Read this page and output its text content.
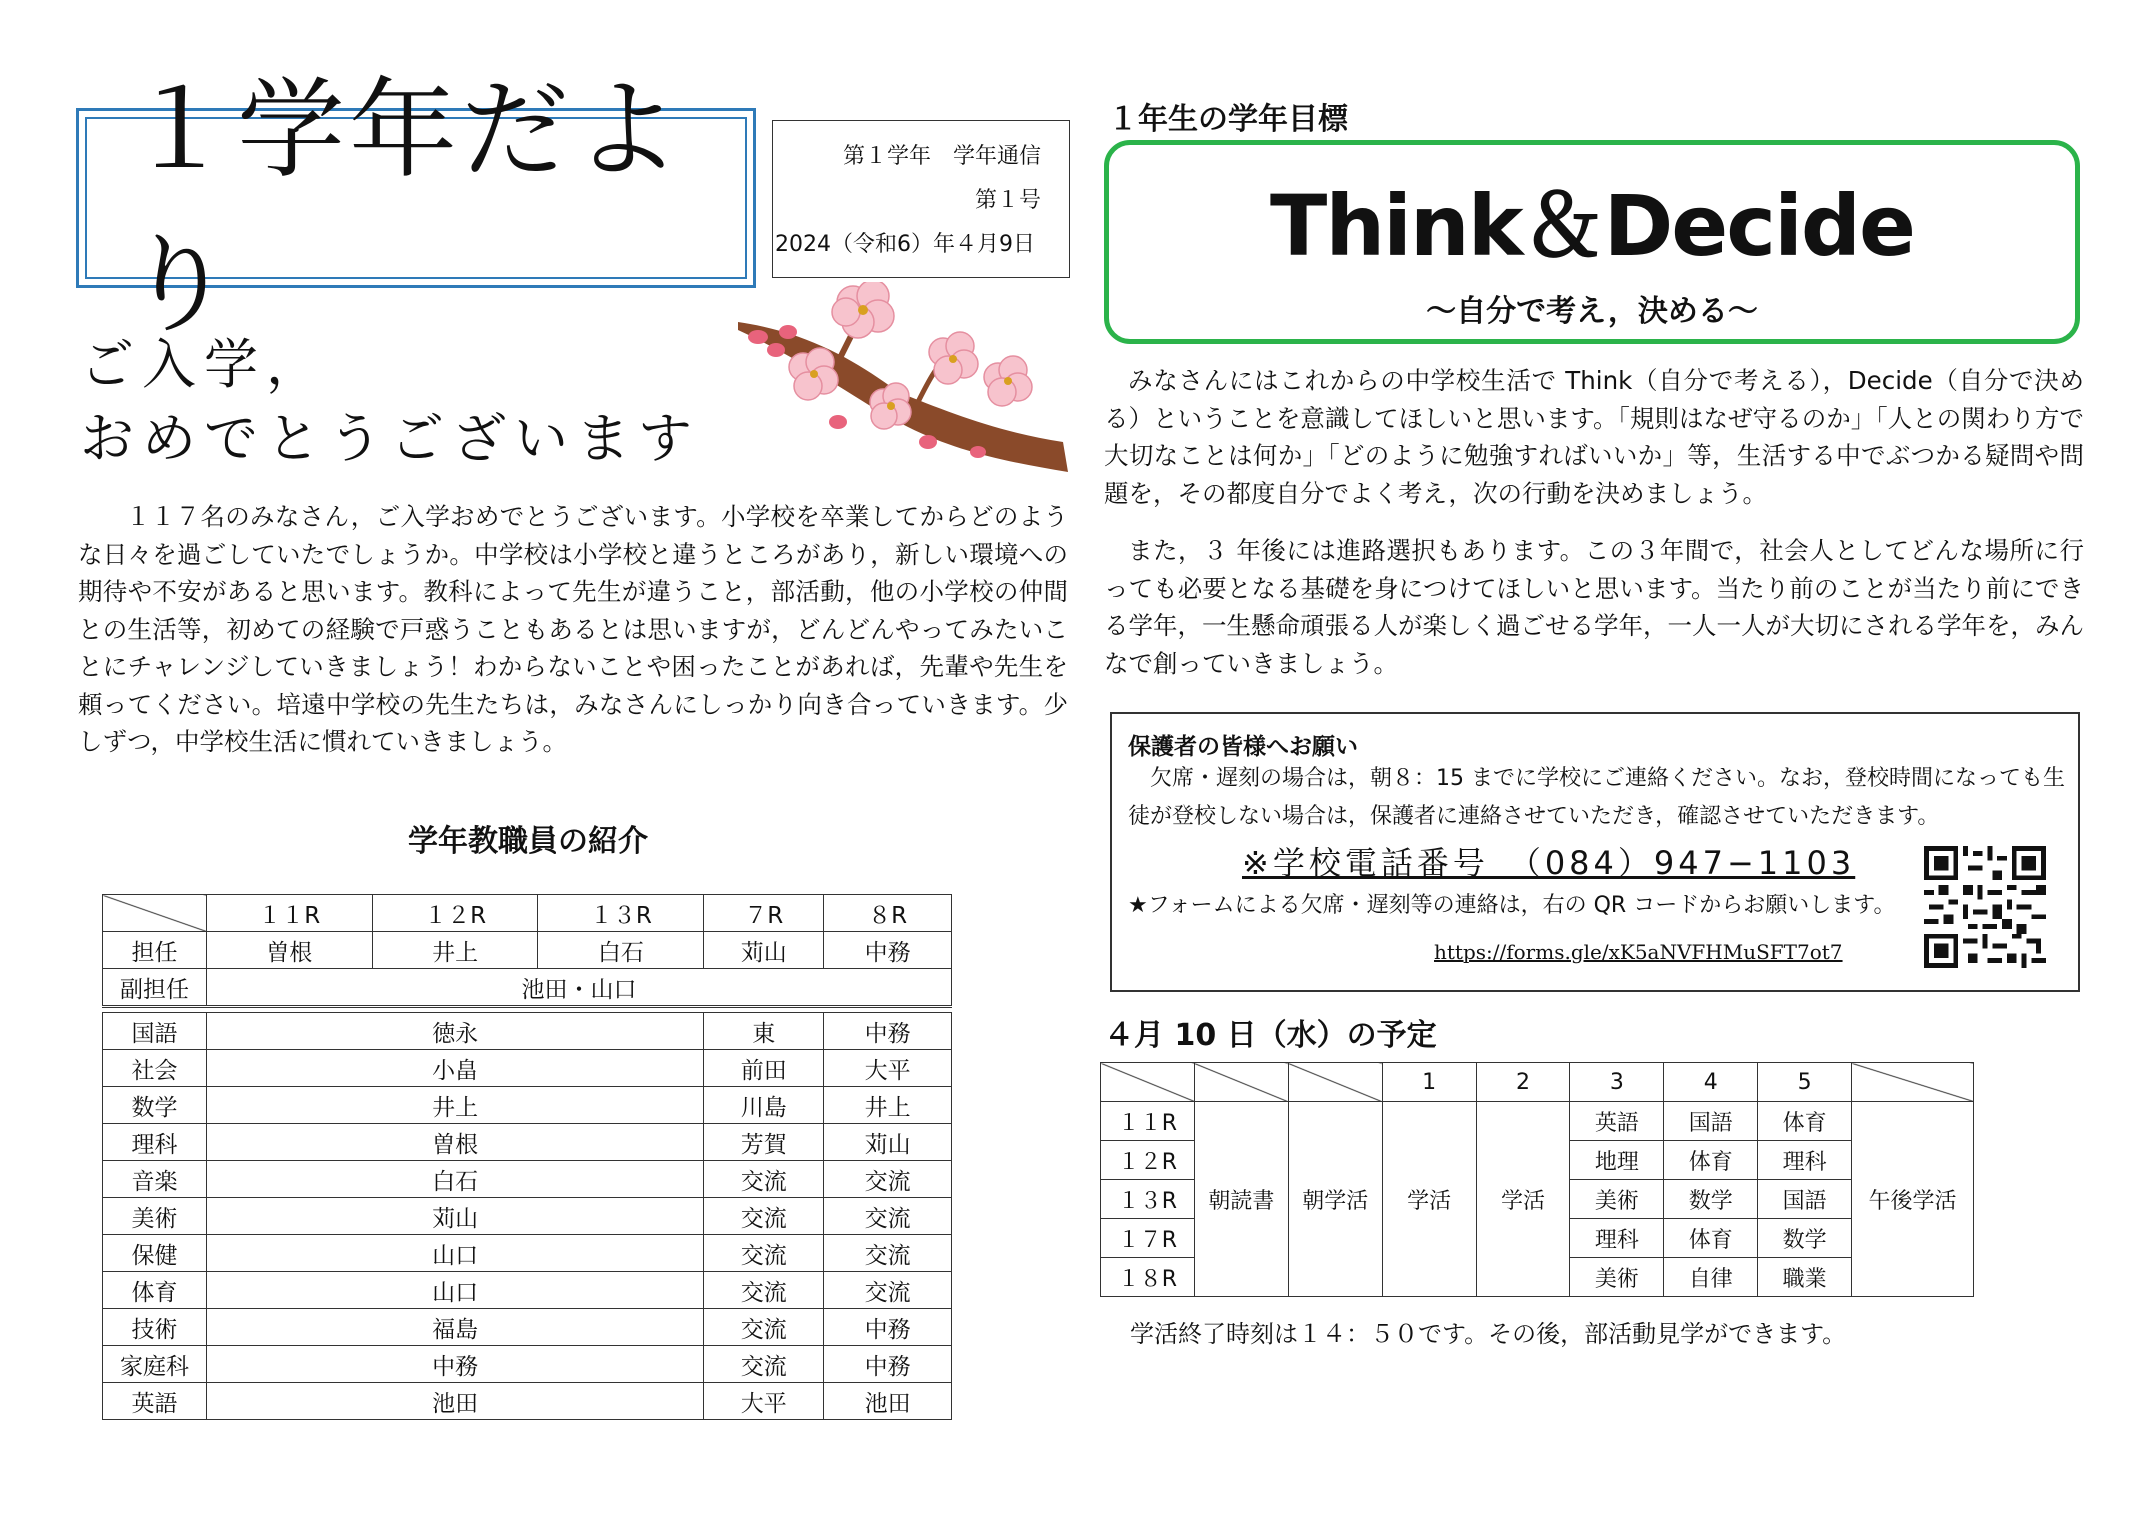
１学年だより
第１学年　学年通信
第１号
2024（令和6）年４月9日
ご入学，
おめでとうございます
１１７名のみなさん，ご入学おめでとうございます。小学校を卒業してからどのような日々を過ごしていたでしょうか。中学校は小学校と違うところがあり，新しい環境への期待や不安があると思います。教科によって先生が違うこと，部活動，他の小学校の仲間との生活等，初めての経験で戸惑うこともあるとは思いますが，どんどんやってみたいことにチャレンジしていきましょう！わからないことや困ったことがあれば，先輩や先生を頼ってください。培遠中学校の先生たちは，みなさんにしっかり向き合っていきます。少しずつ，中学校生活に慣れていきましょう。
学年教職員の紹介
	１１R	１２R	１３R	７R	８R
担任	曽根	井上	白石	苅山	中務
副担任	池田・山口				

国語	徳永			東	中務
社会	小畠			前田	大平
数学	井上			川島	井上
理科	曽根			芳賀	苅山
音楽	白石			交流	交流
美術	苅山			交流	交流
保健	山口			交流	交流
体育	山口			交流	交流
技術	福島			交流	中務
家庭科	中務			交流	中務
英語	池田			大平	池田
１年生の学年目標
Think＆Decide
～自分で考え，決める～
みなさんにはこれからの中学校生活で Think（自分で考える），Decide（自分で決める）ということを意識してほしいと思います。「規則はなぜ守るのか」「人との関わり方で大切なことは何か」「どのように勉強すればいいか」等，生活する中でぶつかる疑問や問題を，その都度自分でよく考え，次の行動を決めましょう。
また，３ 年後には進路選択もあります。この３年間で，社会人としてどんな場所に行っても必要となる基礎を身につけてほしいと思います。当たり前のことが当たり前にできる学年，一生懸命頑張る人が楽しく過ごせる学年，一人一人が大切にされる学年を，みんなで創っていきましょう。
保護者の皆様へお願い
欠席・遅刻の場合は，朝８：15 までに学校にご連絡ください。なお，登校時間になっても生徒が登校しない場合は，保護者に連絡させていただき，確認させていただきます。
※学校電話番号　（084）947−1103
★フォームによる欠席・遅刻等の連絡は，右の QR コードからお願いします。
https://forms.gle/xK5aNVFHMuSFT7ot7
４月 10 日（水）の予定
			1	2	3	4	5	
１１R	朝読書	朝学活	学活	学活	英語	国語	体育	午後学活
１２R					地理	体育	理科	
１３R					美術	数学	国語	
１７R					理科	体育	数学	
１８R					美術	自律	職業	
学活終了時刻は１４：５０です。その後，部活動見学ができます。
